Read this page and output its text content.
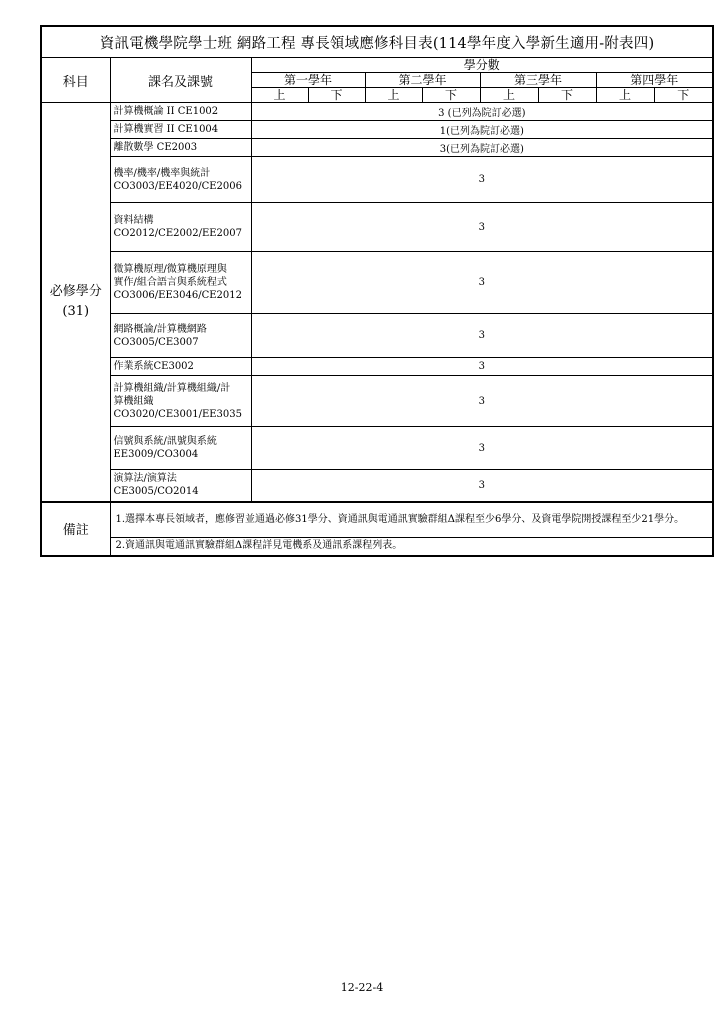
資訊電機學院學士班 網路工程 專長領域應修科目表(114學年度入學新生適用-附表四)									
科目	課名及課號	學分數							
		第一學年		第二學年		第三學年		第四學年	
		上	下	上	下	上	下	上	下

必修學分
(31)	計算機概論 II CE1002	3 (已列為院訂必選)							
	計算機實習 II CE1004	1(已列為院訂必選)							
	離散數學 CE2003	3(已列為院訂必選)							
	機率/機率/機率與統計
CO3003/EE4020/CE2006	3							
	資料結構
CO2012/CE2002/EE2007	3							
	微算機原理/微算機原理與
實作/組合語言與系統程式
CO3006/EE3046/CE2012	3							
	網路概論/計算機網路
CO3005/CE3007	3							
	作業系統CE3002	3							
	計算機組織/計算機組織/計
算機組織
CO3020/CE3001/EE3035	3							
	信號與系統/訊號與系統
EE3009/CO3004	3							
	演算法/演算法
CE3005/CO2014	3							
備註	1.選擇本專長領域者，應修習並通過必修31學分、資通訊與電通訊實驗群組Δ課程至少6學分、及資電學院開授課程至少21學分。								
	2.資通訊與電通訊實驗群組Δ課程詳見電機系及通訊系課程列表。								
12-22-4
